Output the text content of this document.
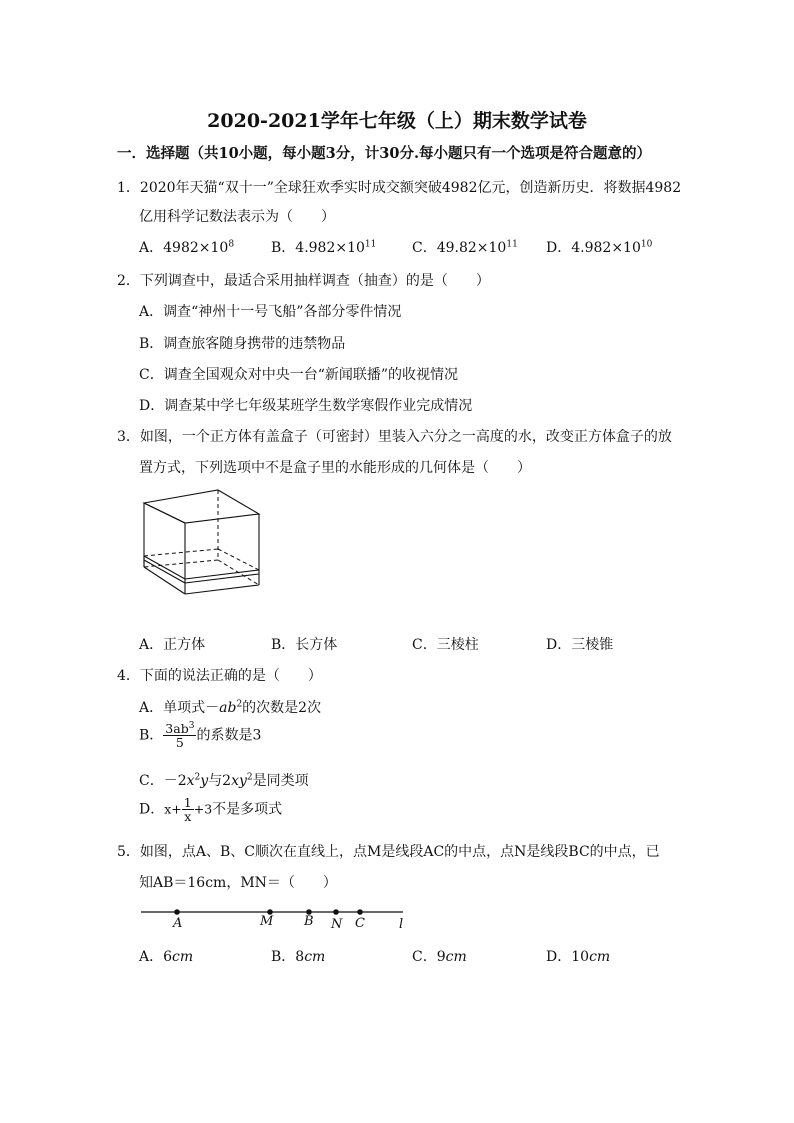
2020-2021学年七年级（上）期末数学试卷
一．选择题（共10小题，每小题3分，计30分.每小题只有一个选项是符合题意的）
1．2020年天猫“双十一”全球狂欢季实时成交额突破4982亿元，创造新历史．将数据4982
亿用科学记数法表示为（　　）
A．$4982\times 10^8$	B．$4.982\times 10^{11}$	C．$49.82\times 10^{11}$ D．$4.982\times 10^{10}$
2．下列调查中，最适合采用抽样调查（抽查）的是（　　）
A．调查“神州十一号飞船”各部分零件情况
B．调查旅客随身携带的违禁物品
C．调查全国观众对中央一台“新闻联播”的收视情况
D．调查某中学七年级某班学生数学寒假作业完成情况
3．如图，一个正方体有盖盒子（可密封）里装入六分之一高度的水，改变正方体盒子的放
置方式，下列选项中不是盒子里的水能形成的几何体是（　　）
A．正方体	B．长方体	C．三棱柱	D．三棱锥
4．下面的说法正确的是（　　）
A．单项式$-ab^2$的次数是2次
B． $\frac{3ab^3}{5}$ 的系数是3
C．$-2x^2y$与$2xy^2$是同类项
D．$x+ \frac{1}{x} +3$不是多项式
5．如图，点A、B、C顺次在直线上，点M是线段AC的中点，点N是线段BC的中点，已
知AB＝16cm，MN＝（　　）
A	M B N C	l
A．6cm	B．8cm	C．9cm	D．10cm
